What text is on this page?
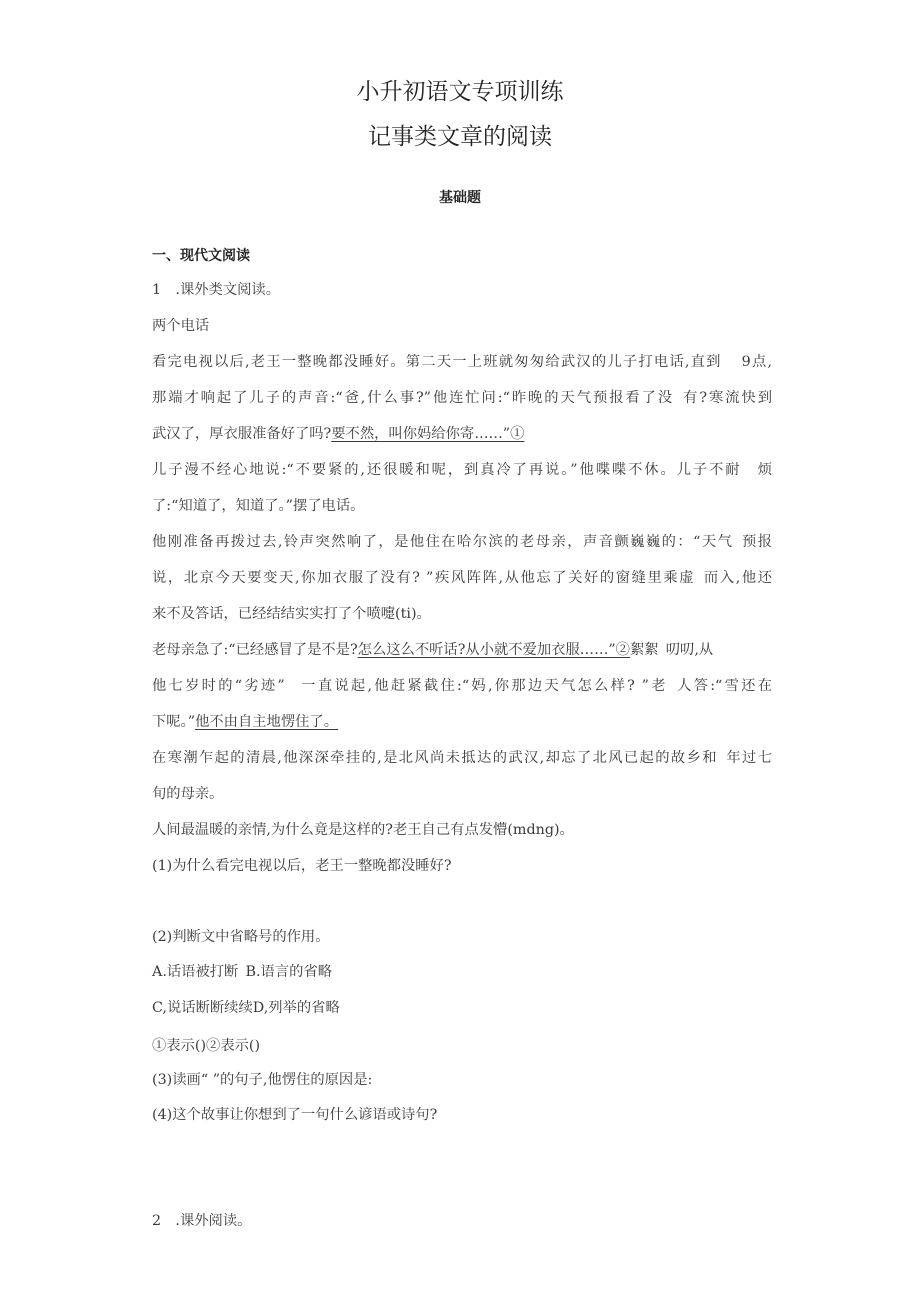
小升初语文专项训练
记事类文章的阅读
基础题
一、现代文阅读
1 .课外类文阅读。
两个电话
看完电视以后,老王一整晚都没睡好。第二天一上班就匆匆给武汉的儿子打电话,直到  9点,
那端才响起了儿子的声音:“爸,什么事?”他连忙问:“昨晚的天气预报看了没 有?寒流快到
武汉了，厚衣服准备好了吗?要不然，叫你妈给你寄……”①
儿子漫不经心地说:“不要紧的,还很暖和呢，到真冷了再说。”他喋喋不休。儿子不耐 烦
了:“知道了，知道了。”摆了电话。
他刚准备再拨过去,铃声突然响了，是他住在哈尔滨的老母亲，声音颤巍巍的：“天气 预报
说，北京今天要变天,你加衣服了没有? ”疾风阵阵,从他忘了关好的窗缝里乘虚 而入,他还
来不及答话，已经结结实实打了个喷嚏(ti)。
老母亲急了:“已经感冒了是不是?怎么这么不听话?从小就不爱加衣服……”②絮絮 叨叨,从
他七岁时的“劣迹” 一直说起,他赶紧截住:“妈,你那边天气怎么样? ”老 人答:“雪还在
下呢。”他不由自主地愣住了。
在寒潮乍起的清晨,他深深牵挂的,是北风尚未抵达的武汉,却忘了北风已起的故乡和 年过七
旬的母亲。
人间最温暖的亲情,为什么竟是这样的?老王自己有点发懵(mdng)。
(1)为什么看完电视以后，老王一整晚都没睡好?
(2)判断文中省略号的作用。
A.话语被打断 B.语言的省略
C,说话断断续续D,列举的省略
①表示()②表示()
(3)读画“ ”的句子,他愣住的原因是:
(4)这个故事让你想到了一句什么谚语或诗句?
2 .课外阅读。
